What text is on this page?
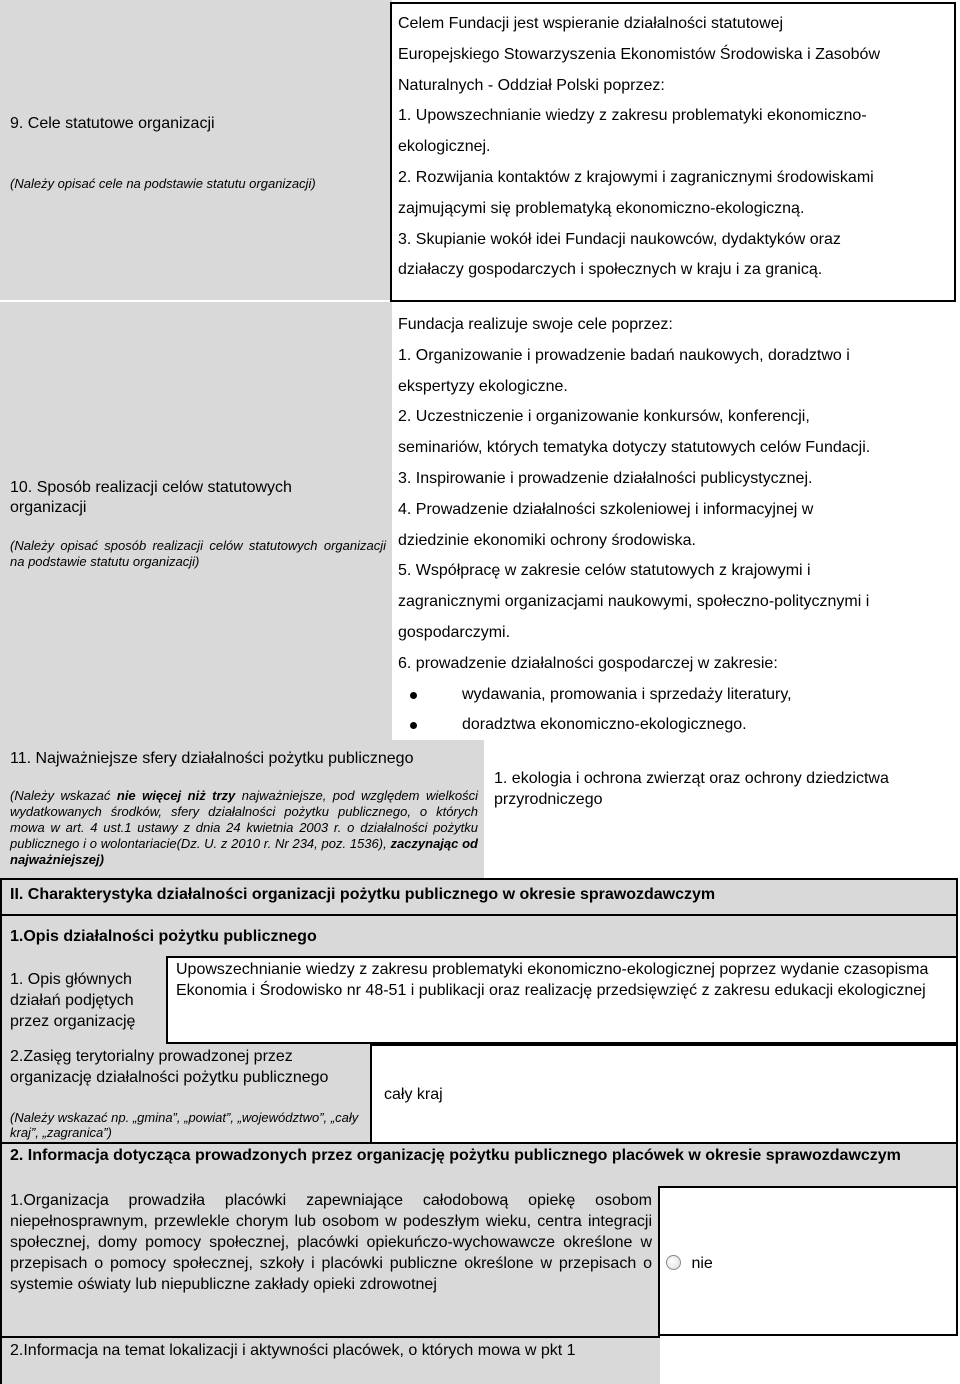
9. Cele statutowe organizacji
(Należy opisać cele na podstawie statutu organizacji)
Celem Fundacji jest wspieranie działalności statutowej
Europejskiego Stowarzyszenia Ekonomistów Środowiska i Zasobów
Naturalnych - Oddział Polski poprzez:
1. Upowszechnianie wiedzy z zakresu problematyki ekonomiczno-
ekologicznej.
2. Rozwijania kontaktów z krajowymi i zagranicznymi środowiskami
zajmującymi się problematyką ekonomiczno-ekologiczną.
3. Skupianie wokół idei Fundacji naukowców, dydaktyków oraz
działaczy gospodarczych i społecznych w kraju i za granicą.
10. Sposób realizacji celów statutowych
organizacji
(Należy opisać sposób realizacji celów statutowych organizacji na podstawie statutu organizacji)
Fundacja realizuje swoje cele poprzez:
1. Organizowanie i prowadzenie badań naukowych, doradztwo i
ekspertyzy ekologiczne.
2. Uczestniczenie i organizowanie konkursów, konferencji,
seminariów, których tematyka dotyczy statutowych celów Fundacji.
3. Inspirowanie i prowadzenie działalności publicystycznej.
4. Prowadzenie działalności szkoleniowej i informacyjnej w
dziedzinie ekonomiki ochrony środowiska.
5. Współpracę w zakresie celów statutowych z krajowymi i
zagranicznymi organizacjami naukowymi, społeczno-politycznymi i
gospodarczymi.
6. prowadzenie działalności gospodarczej w zakresie:
wydawania, promowania i sprzedaży literatury,
doradztwa ekonomiczno-ekologicznego.
11. Najważniejsze sfery działalności pożytku publicznego
(Należy wskazać nie więcej niż trzy najważniejsze, pod względem wielkości wydatkowanych środków, sfery działalności pożytku publicznego, o których mowa w art. 4 ust.1 ustawy z dnia 24 kwietnia 2003 r. o działalności pożytku publicznego i o wolontariacie(Dz. U. z 2010 r. Nr 234, poz. 1536), zaczynając od najważniejszej)
1. ekologia i ochrona zwierząt oraz ochrony dziedzictwa przyrodniczego
II. Charakterystyka działalności organizacji pożytku publicznego w okresie sprawozdawczym
1.Opis działalności pożytku publicznego
1. Opis głównych działań podjętych przez organizację
Upowszechnianie wiedzy z zakresu problematyki ekonomiczno-ekologicznej poprzez wydanie czasopisma Ekonomia i Środowisko nr 48-51 i publikacji oraz realizację przedsięwzięć z zakresu edukacji ekologicznej
2.Zasięg terytorialny prowadzonej przez organizację działalności pożytku publicznego
(Należy wskazać np. „gmina”, „powiat”, „województwo”, „cały kraj”, „zagranica”)
cały kraj
2. Informacja dotycząca prowadzonych przez organizację pożytku publicznego placówek w okresie sprawozdawczym
1.Organizacja prowadziła placówki zapewniające całodobową opiekę osobom niepełnosprawnym, przewlekle chorym lub osobom w podeszłym wieku, centra integracji społecznej, domy pomocy społecznej, placówki opiekuńczo-wychowawcze określone w przepisach o pomocy społecznej, szkoły i placówki publiczne określone w przepisach o systemie oświaty lub niepubliczne zakłady opieki zdrowotnej
nie
2.Informacja na temat lokalizacji i aktywności placówek, o których mowa w pkt 1
